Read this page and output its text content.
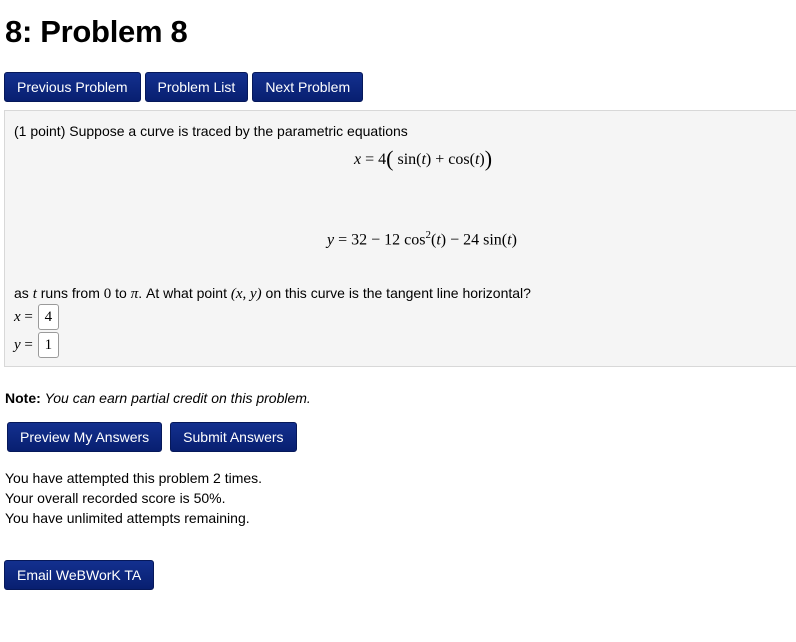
8: Problem 8
Previous Problem	Problem List	Next Problem
(1 point) Suppose a curve is traced by the parametric equations
x = 4( sin(t) + cos(t))
y = 32 − 12 $\cos^2(t) - 24$ sin(t)
as t runs from 0 to π. At what point (x, y) on this curve is the tangent line horizontal?
x = 4
y = 1
Note: You can earn partial credit on this problem.
Preview My Answers	Submit Answers
You have attempted this problem 2 times.
Your overall recorded score is 50%.
You have unlimited attempts remaining.
Email WeBWorK TA
